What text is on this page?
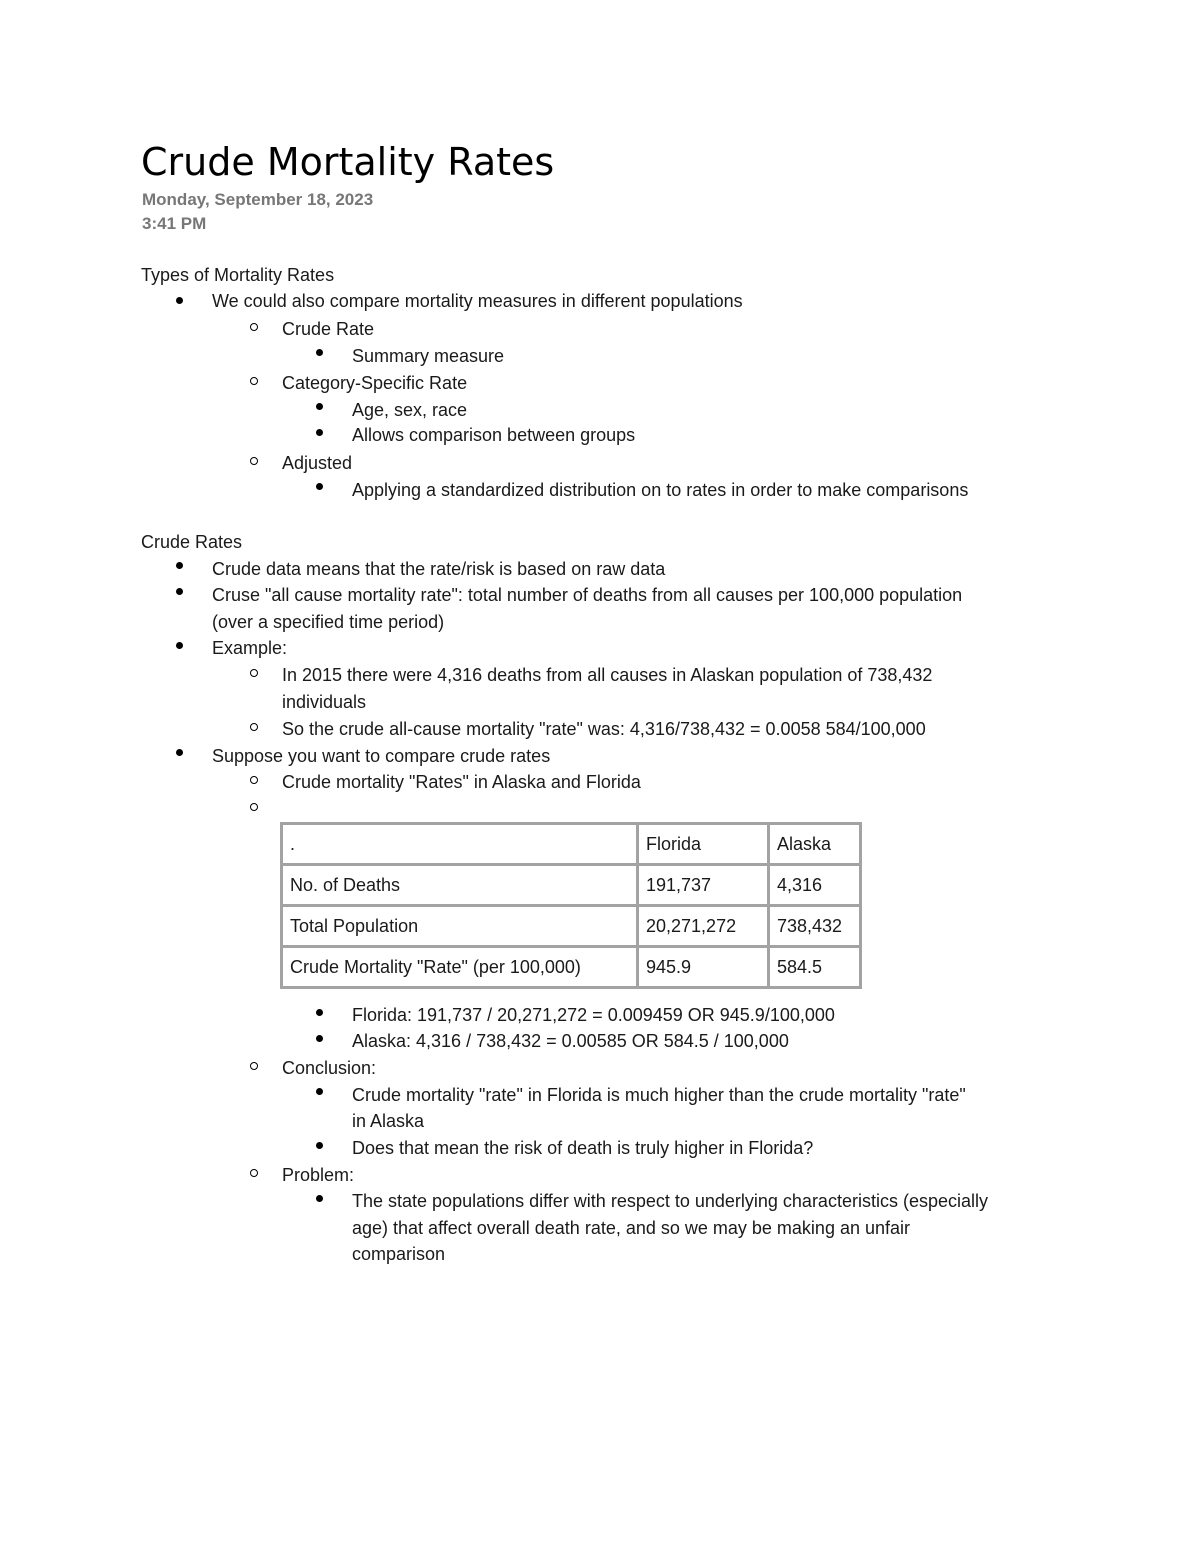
Crude Mortality Rates
Monday, September 18, 2023
3:41 PM
Types of Mortality Rates
We could also compare mortality measures in different populations
Crude Rate
Summary measure
Category-Specific Rate
Age, sex, race
Allows comparison between groups
Adjusted
Applying a standardized distribution on to rates in order to make comparisons
Crude Rates
Crude data means that the rate/risk is based on raw data
Cruse "all cause mortality rate": total number of deaths from all causes per 100,000 population
(over a specified time period)
Example:
In 2015 there were 4,316 deaths from all causes in Alaskan population of 738,432
individuals
So the crude all-cause mortality "rate" was: 4,316/738,432 = 0.0058 584/100,000
Suppose you want to compare crude rates
Crude mortality "Rates" in Alaska and Florida
.	Florida	Alaska
No. of Deaths	191,737	4,316
Total Population	20,271,272	738,432
Crude Mortality "Rate" (per 100,000)	945.9	584.5
Florida: 191,737 / 20,271,272 = 0.009459 OR 945.9/100,000
Alaska: 4,316 / 738,432 = 0.00585 OR 584.5 / 100,000
Conclusion:
Crude mortality "rate" in Florida is much higher than the crude mortality "rate"
in Alaska
Does that mean the risk of death is truly higher in Florida?
Problem:
The state populations differ with respect to underlying characteristics (especially
age) that affect overall death rate, and so we may be making an unfair
comparison
